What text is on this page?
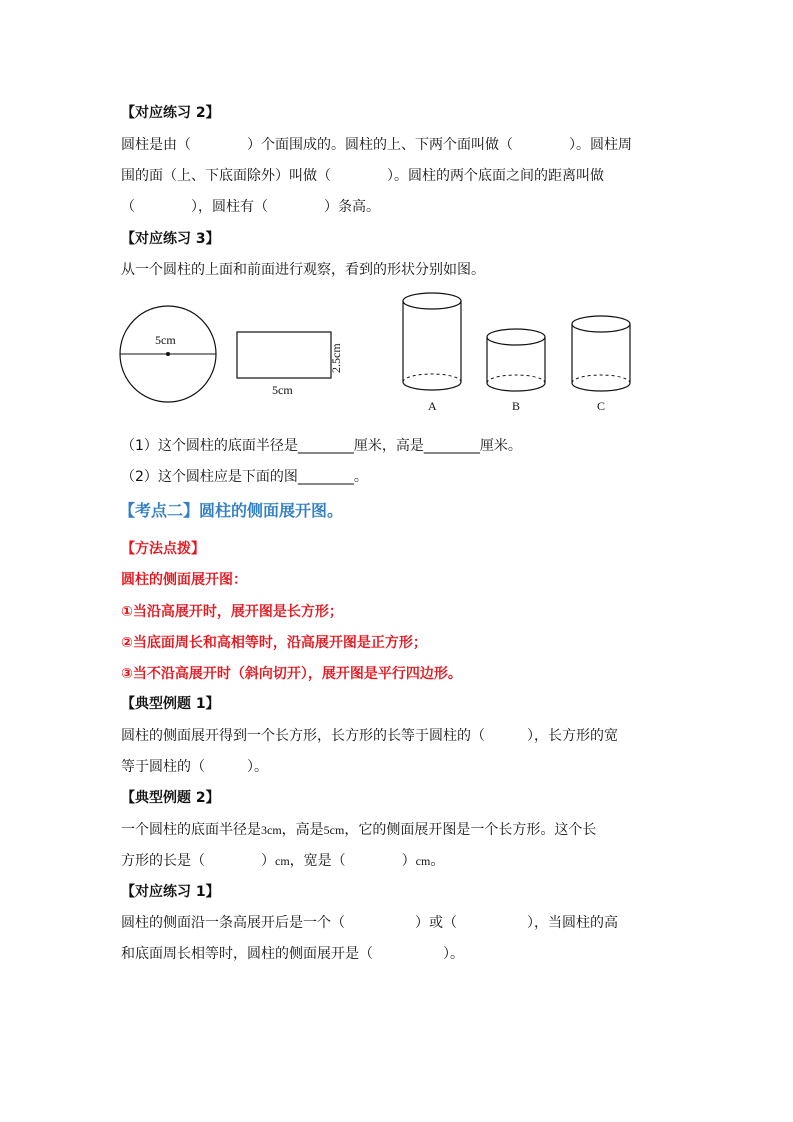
【对应练习 2】
圆柱是由（　　　　）个面围成的。圆柱的上、下两个面叫做（　　　　）。圆柱周
围的面（上、下底面除外）叫做（　　　　）。圆柱的两个底面之间的距离叫做
（　　　　），圆柱有（　　　　）条高。
【对应练习 3】
从一个圆柱的上面和前面进行观察，看到的形状分别如图。
5cm
5cm
2.5cm
A	B	C
（1）这个圆柱的底面半径是________厘米，高是________厘米。
（2）这个圆柱应是下面的图________。
【考点二】圆柱的侧面展开图。
【方法点拨】
圆柱的侧面展开图：
①当沿高展开时，展开图是长方形；
②当底面周长和高相等时，沿高展开图是正方形；
③当不沿高展开时（斜向切开），展开图是平行四边形。
【典型例题 1】
圆柱的侧面展开得到一个长方形，长方形的长等于圆柱的（　　　），长方形的宽
等于圆柱的（　　　）。
【典型例题 2】
一个圆柱的底面半径是3cm，高是5cm，它的侧面展开图是一个长方形。这个长
方形的长是（　　　　）cm，宽是（　　　　）cm。
【对应练习 1】
圆柱的侧面沿一条高展开后是一个（　　　　　）或（　　　　　），当圆柱的高
和底面周长相等时，圆柱的侧面展开是（　　　　　）。
